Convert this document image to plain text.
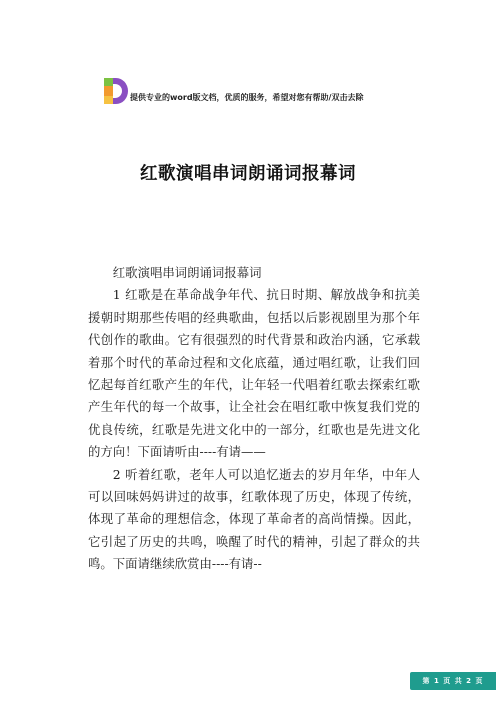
提供专业的word版文档，优质的服务，希望对您有帮助/双击去除
红歌演唱串词朗诵词报幕词

红歌演唱串词朗诵词报幕词

1 红歌是在革命战争年代、抗日时期、解放战争和抗美援朝时期那些传唱的经典歌曲，包括以后影视剧里为那个年代创作的歌曲。它有很强烈的时代背景和政治内涵，它承载着那个时代的革命过程和文化底蕴，通过唱红歌，让我们回忆起每首红歌产生的年代，让年轻一代唱着红歌去探索红歌产生年代的每一个故事，让全社会在唱红歌中恢复我们党的优良传统，红歌是先进文化中的一部分，红歌也是先进文化的方向！下面请听由----有请——

2 听着红歌，老年人可以追忆逝去的岁月年华，中年人可以回味妈妈讲过的故事，红歌体现了历史，体现了传统，体现了革命的理想信念，体现了革命者的高尚情操。因此，它引起了历史的共鸣，唤醒了时代的精神，引起了群众的共鸣。下面请继续欣赏由----有请--

第 1 页 共 2 页
